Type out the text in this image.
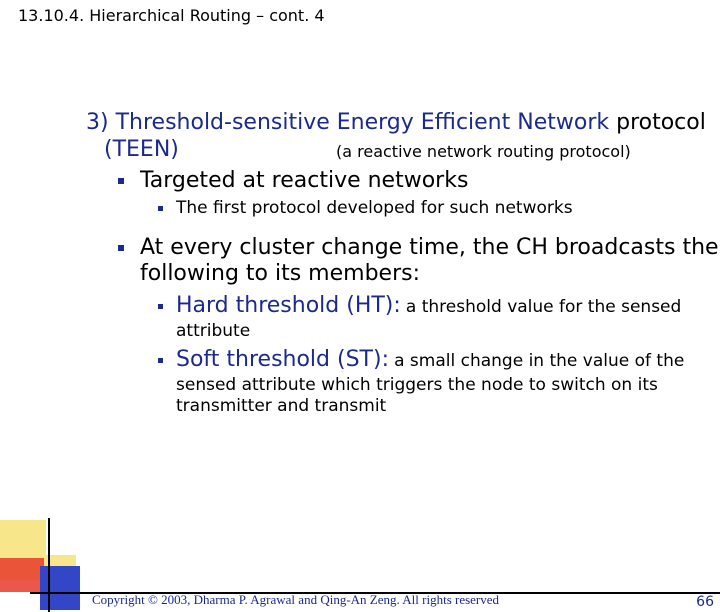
13.10.4. Hierarchical Routing – cont. 4
3) Threshold-sensitive Energy Efficient Network protocol
(TEEN)	(a reactive network routing protocol)
Targeted at reactive networks
The first protocol developed for such networks
At every cluster change time, the CH broadcasts the
following to its members:
Hard threshold (HT): a threshold value for the sensed
attribute
Soft threshold (ST): a small change in the value of the
sensed attribute which triggers the node to switch on its
transmitter and transmit
Copyright © 2003, Dharma P. Agrawal and Qing-An Zeng. All rights reserved	66
